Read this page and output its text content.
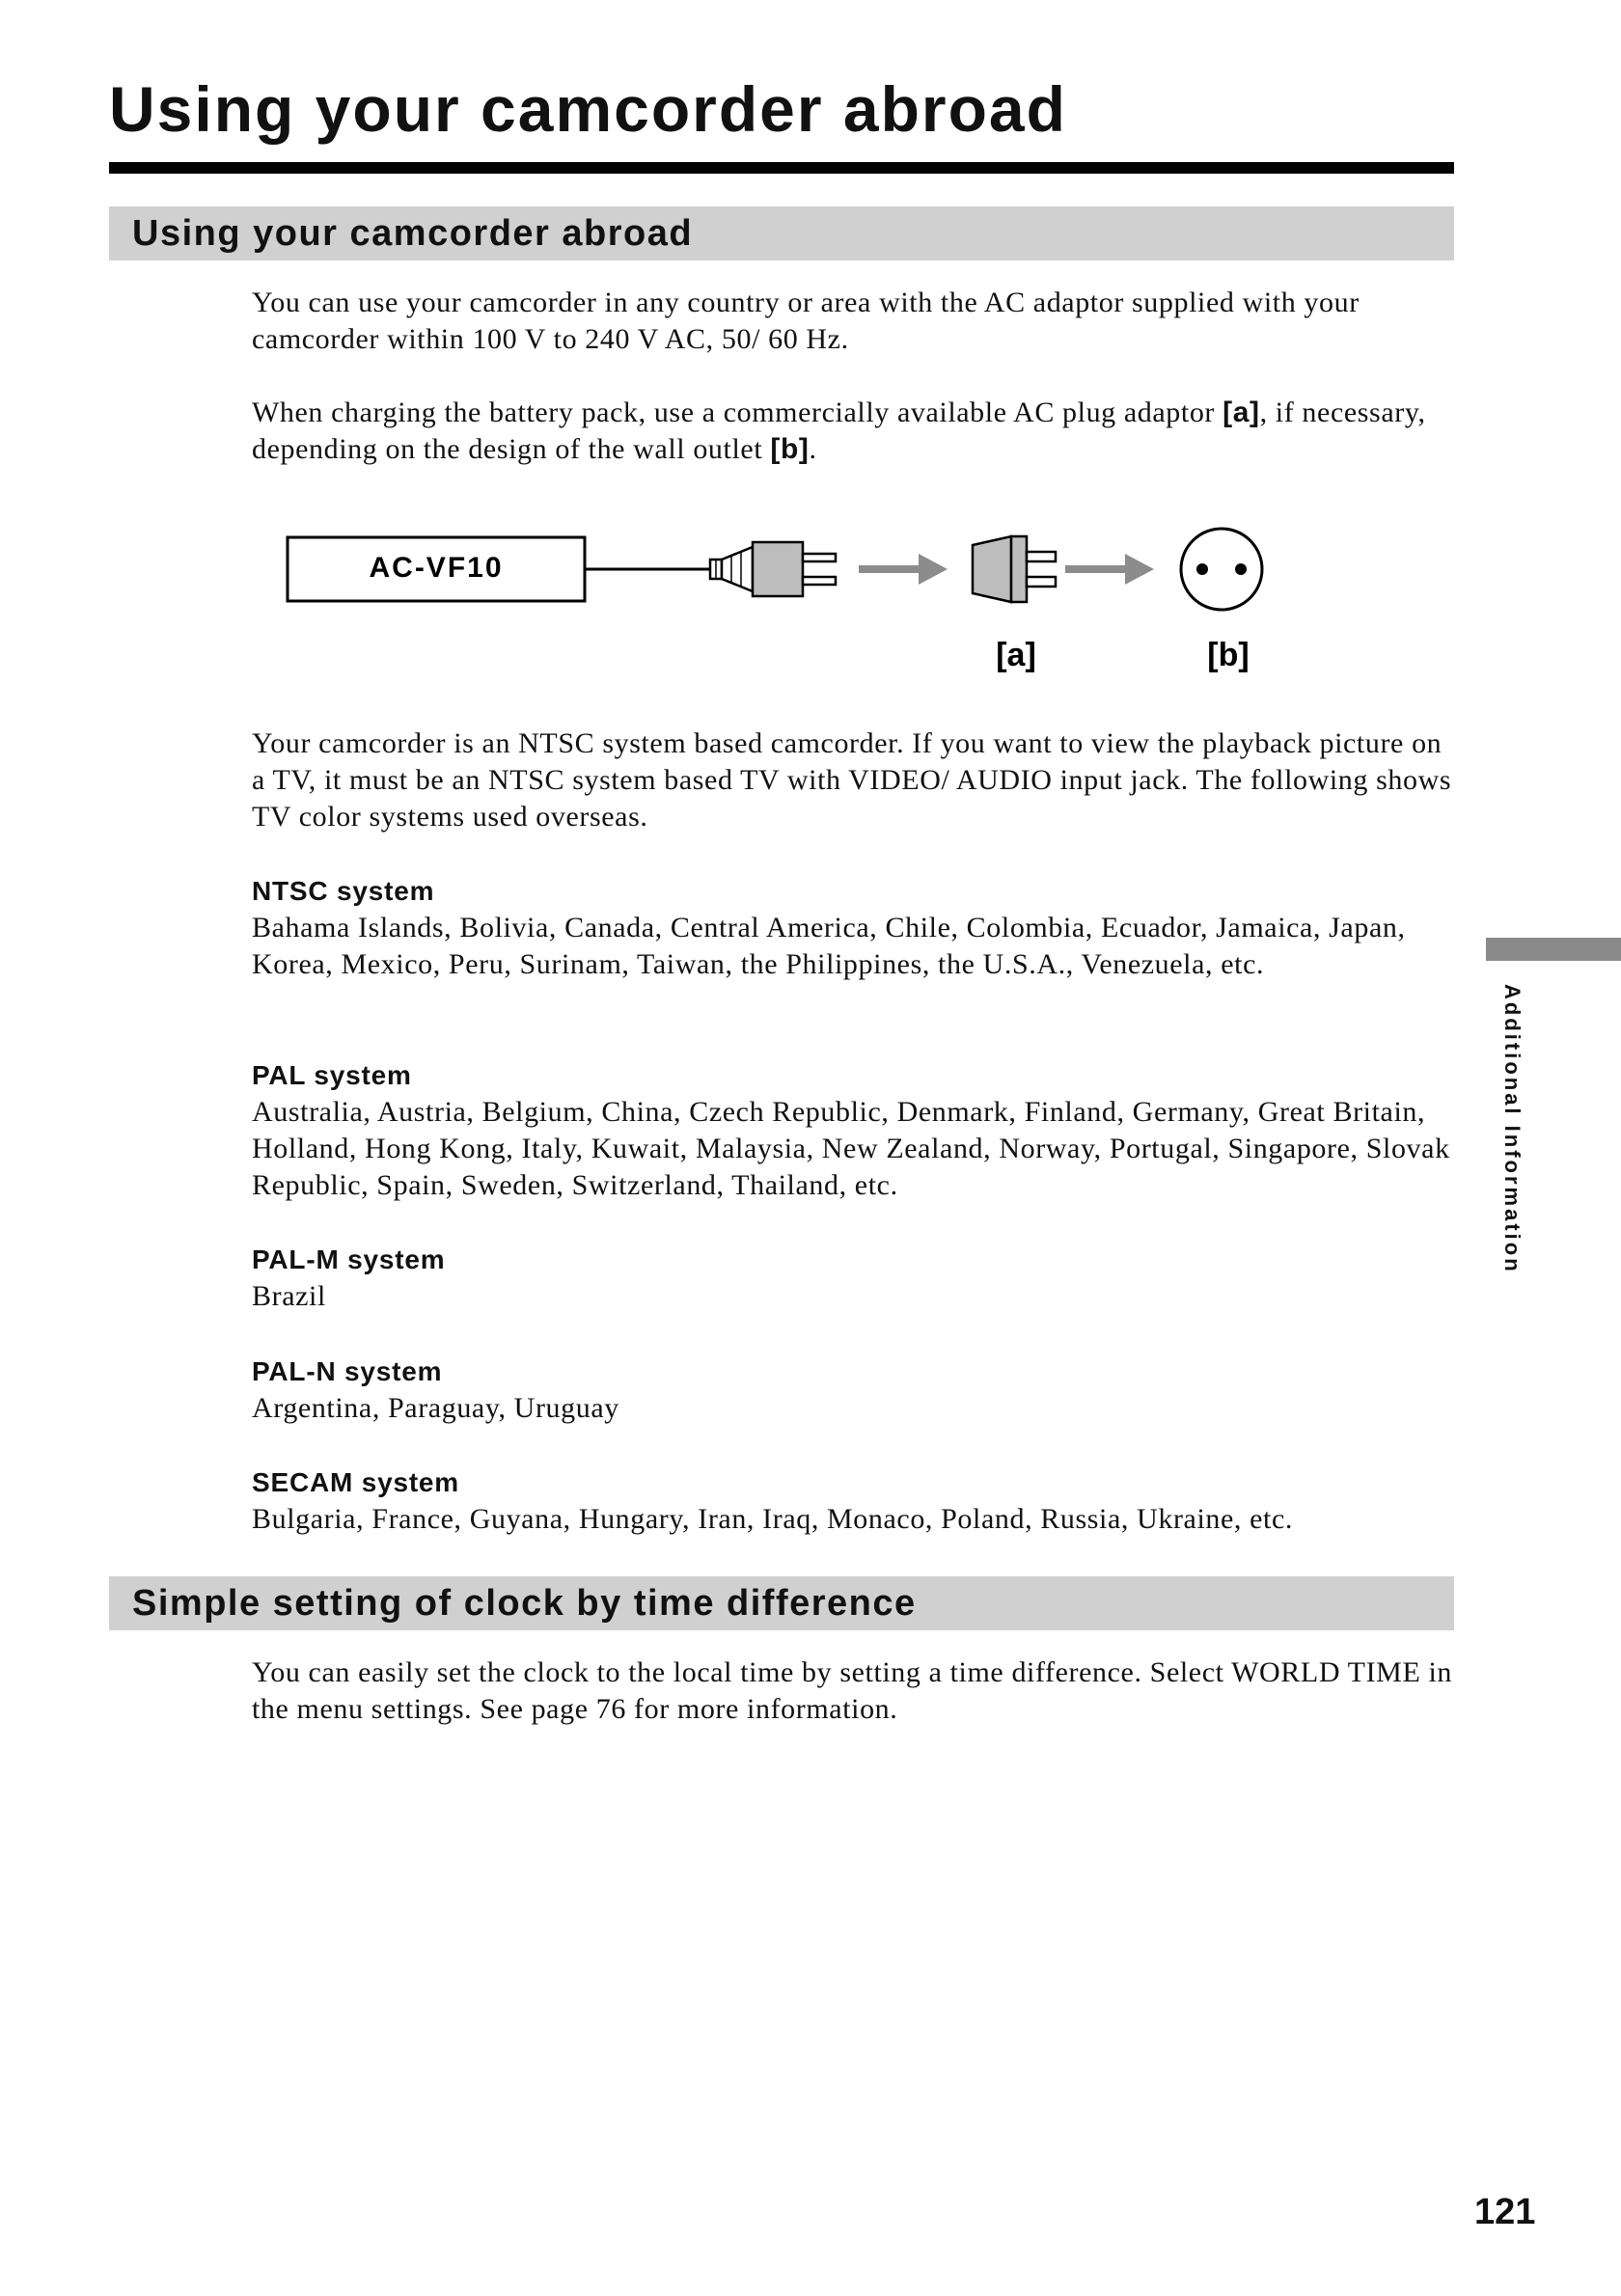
Using your camcorder abroad
Using your camcorder abroad

You can use your camcorder in any country or area with the AC adaptor supplied with your camcorder within 100 V to 240 V AC, 50/ 60 Hz.

When charging the battery pack, use a commercially available AC plug adaptor [a], if necessary, depending on the design of the wall outlet [b].

AC-VF10
[a]	[b]

Your camcorder is an NTSC system based camcorder. If you want to view the playback picture on a TV, it must be an NTSC system based TV with VIDEO/ AUDIO input jack. The following shows TV color systems used overseas.

NTSC system

Bahama Islands, Bolivia, Canada, Central America, Chile, Colombia, Ecuador, Jamaica, Japan, Korea, Mexico, Peru, Surinam, Taiwan, the Philippines, the U.S.A., Venezuela, etc.

PAL system

Australia, Austria, Belgium, China, Czech Republic, Denmark, Finland, Germany, Great Britain, Holland, Hong Kong, Italy, Kuwait, Malaysia, New Zealand, Norway, Portugal, Singapore, Slovak Republic, Spain, Sweden, Switzerland, Thailand, etc.

PAL-M system

Brazil

PAL-N system

Argentina, Paraguay, Uruguay

SECAM system

Bulgaria, France, Guyana, Hungary, Iran, Iraq, Monaco, Poland, Russia, Ukraine, etc.

Simple setting of clock by time difference

You can easily set the clock to the local time by setting a time difference. Select WORLD TIME in the menu settings. See page 76 for more information.

Additional Information
121
